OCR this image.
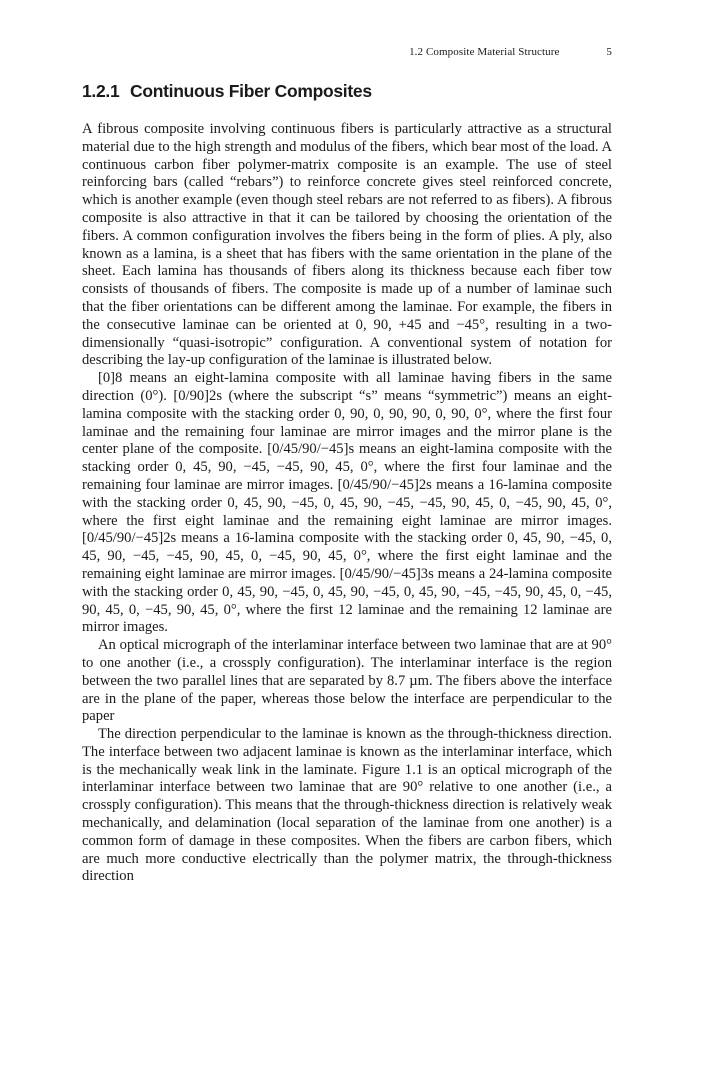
1.2 Composite Material Structure	5
1.2.1 Continuous Fiber Composites

A fibrous composite involving continuous fibers is particularly attractive as a structural material due to the high strength and modulus of the fibers, which bear most of the load. A continuous carbon fiber polymer-matrix composite is an example. The use of steel reinforcing bars (called “rebars”) to reinforce concrete gives steel reinforced concrete, which is another example (even though steel rebars are not referred to as fibers). A fibrous composite is also attractive in that it can be tailored by choosing the orientation of the fibers. A common configuration involves the fibers being in the form of plies. A ply, also known as a lamina, is a sheet that has fibers with the same orientation in the plane of the sheet. Each lamina has thousands of fibers along its thickness because each fiber tow consists of thousands of fibers. The composite is made up of a number of laminae such that the fiber orientations can be different among the laminae. For example, the fibers in the consecutive laminae can be oriented at 0, 90, +45 and −45°, resulting in a two-dimensionally “quasi-isotropic” configuration. A conventional system of notation for describing the lay-up configuration of the laminae is illustrated below.

[0]8 means an eight-lamina composite with all laminae having fibers in the same direction (0°). [0/90]2s (where the subscript “s” means “symmetric”) means an eight-lamina composite with the stacking order 0, 90, 0, 90, 90, 0, 90, 0°, where the first four laminae and the remaining four laminae are mirror images and the mirror plane is the center plane of the composite. [0/45/90/−45]s means an eight-lamina composite with the stacking order 0, 45, 90, −45, −45, 90, 45, 0°, where the first four laminae and the remaining four laminae are mirror images. [0/45/90/−45]2s means a 16-lamina composite with the stacking order 0, 45, 90, −45, 0, 45, 90, −45, −45, 90, 45, 0, −45, 90, 45, 0°, where the first eight laminae and the remaining eight laminae are mirror images. [0/45/90/−45]2s means a 16-lamina composite with the stacking order 0, 45, 90, −45, 0, 45, 90, −45, −45, 90, 45, 0, −45, 90, 45, 0°, where the first eight laminae and the remaining eight laminae are mirror images. [0/45/90/−45]3s means a 24-lamina composite with the stacking order 0, 45, 90, −45, 0, 45, 90, −45, 0, 45, 90, −45, −45, 90, 45, 0, −45, 90, 45, 0, −45, 90, 45, 0°, where the first 12 laminae and the remaining 12 laminae are mirror images.

An optical micrograph of the interlaminar interface between two laminae that are at 90° to one another (i.e., a crossply configuration). The interlaminar interface is the region between the two parallel lines that are separated by 8.7 µm. The fibers above the interface are in the plane of the paper, whereas those below the interface are perpendicular to the paper

The direction perpendicular to the laminae is known as the through-thickness direction. The interface between two adjacent laminae is known as the interlaminar interface, which is the mechanically weak link in the laminate. Figure 1.1 is an optical micrograph of the interlaminar interface between two laminae that are 90° relative to one another (i.e., a crossply configuration). This means that the through-thickness direction is relatively weak mechanically, and delamination (local separation of the laminae from one another) is a common form of damage in these composites. When the fibers are carbon fibers, which are much more conductive electrically than the polymer matrix, the through-thickness direction
